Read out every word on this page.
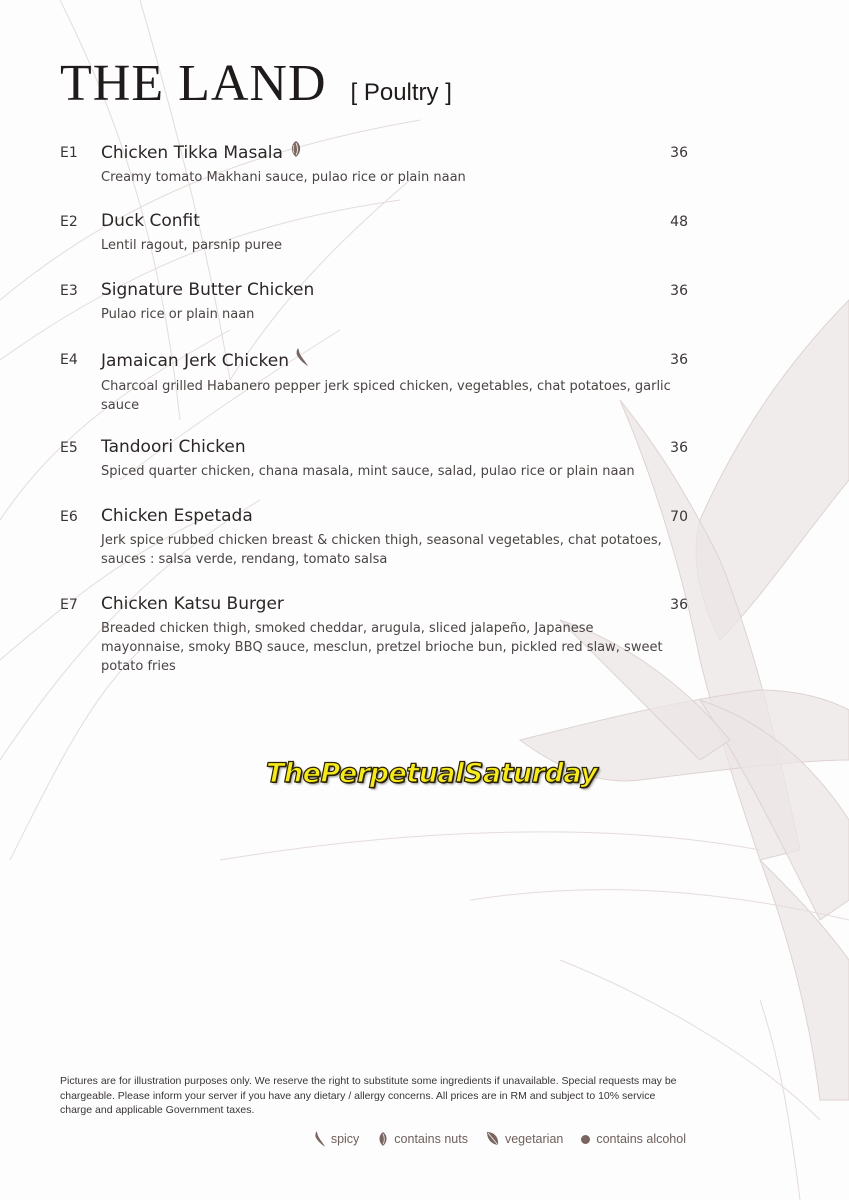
THE LAND [ Poultry ]
E1 Chicken Tikka Masala	36
Creamy tomato Makhani sauce, pulao rice or plain naan
E2 Duck Confit	48
Lentil ragout, parsnip puree
E3 Signature Butter Chicken	36
Pulao rice or plain naan
E4 Jamaican Jerk Chicken	36
Charcoal grilled Habanero pepper jerk spiced chicken, vegetables, chat potatoes, garlic sauce
E5 Tandoori Chicken	36
Spiced quarter chicken, chana masala, mint sauce, salad, pulao rice or plain naan
E6 Chicken Espetada	70
Jerk spice rubbed chicken breast & chicken thigh, seasonal vegetables, chat potatoes, sauces : salsa verde, rendang, tomato salsa
E7 Chicken Katsu Burger	36
Breaded chicken thigh, smoked cheddar, arugula, sliced jalapeño, Japanese mayonnaise, smoky BBQ sauce, mesclun, pretzel brioche bun, pickled red slaw, sweet potato fries
ThePerpetualSaturday
Pictures are for illustration purposes only. We reserve the right to substitute some ingredients if unavailable. Special requests may be chargeable. Please inform your server if you have any dietary / allergy concerns. All prices are in RM and subject to 10% service charge and applicable Government taxes.
spicy	contains nuts	vegetarian	contains alcohol
